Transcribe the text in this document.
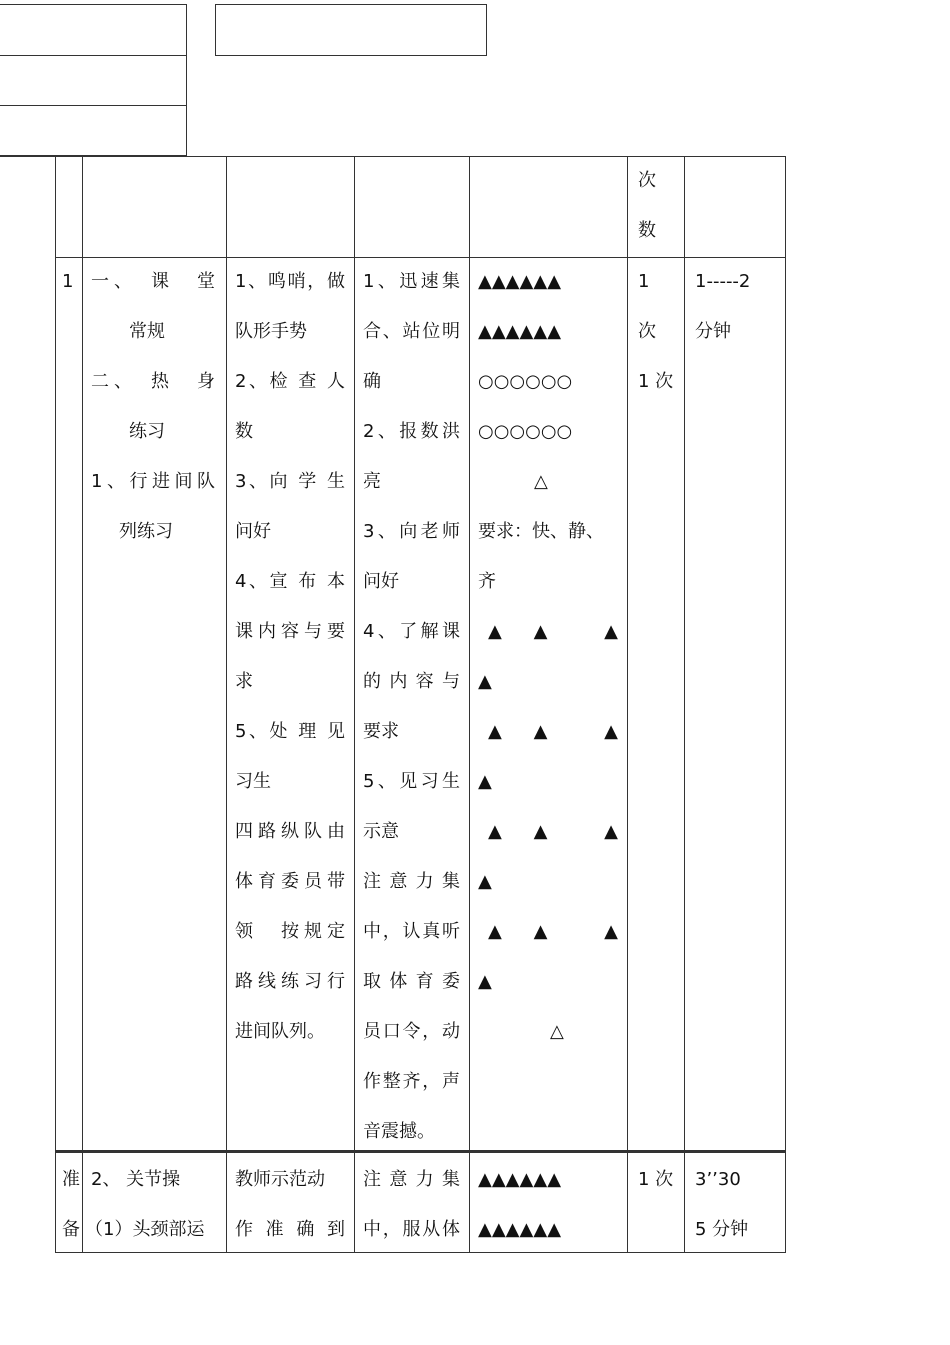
次
数
1 一、　课　堂
常规
二、　热　身
练习
1、行进间队
列练习
1、鸣哨，做
队形手势
2、检 查 人
数
3、向 学 生
问好
4、宣 布 本
课内容与要
求
5、处 理 见
习生
四路纵队由
体育委员带
领　按规定
路线练习行
进间队列。
1、迅速集
合、站位明
确
2、报数洪
亮
3、向老师
问好
4、了解课
的 内 容 与
要求
5、见习生
示意
注 意 力 集
中，认真听
取 体 育 委
员口令，动
作整齐，声
音震撼。
▲▲▲▲▲▲
▲▲▲▲▲▲
○○○○○○
○○○○○○
△
要求：快、静、
齐
▲　▲　　▲
▲
▲　▲　　▲
▲
▲　▲　　▲
▲
▲　▲　　▲
▲
△
1
次
1 次
1-----2
分钟
准
备
2、 关节操
（1）头颈部运
教师示范动
作 准 确 到
注 意 力 集
中，服从体
▲▲▲▲▲▲
▲▲▲▲▲▲
1 次	3’’30
5 分钟
